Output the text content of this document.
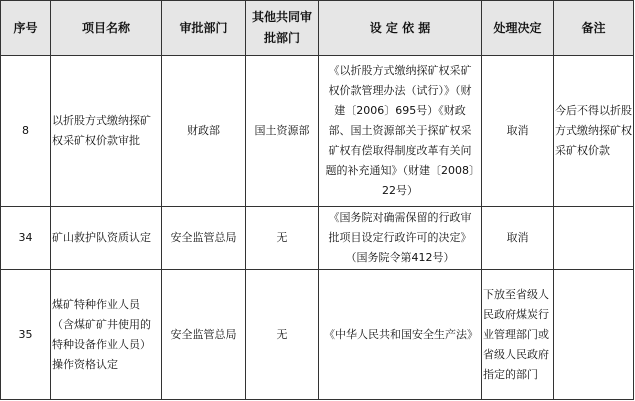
序号	项目名称	审批部门	其他共同审批部门	设 定 依 据	处理决定	备注
8	以折股方式缴纳探矿权采矿权价款审批	财政部	国土资源部	《以折股方式缴纳探矿权采矿权价款管理办法（试行）》（财建〔2006〕695号）《财政部、国土资源部关于探矿权采矿权有偿取得制度改革有关问题的补充通知》（财建〔2008〕22号）	取消	今后不得以折股方式缴纳探矿权采矿权价款
34	矿山救护队资质认定	安全监管总局	无	《国务院对确需保留的行政审批项目设定行政许可的决定》（国务院令第412号）	取消	
35	煤矿特种作业人员（含煤矿矿井使用的特种设备作业人员）操作资格认定	安全监管总局	无	《中华人民共和国安全生产法》	下放至省级人民政府煤炭行业管理部门或省级人民政府指定的部门	
